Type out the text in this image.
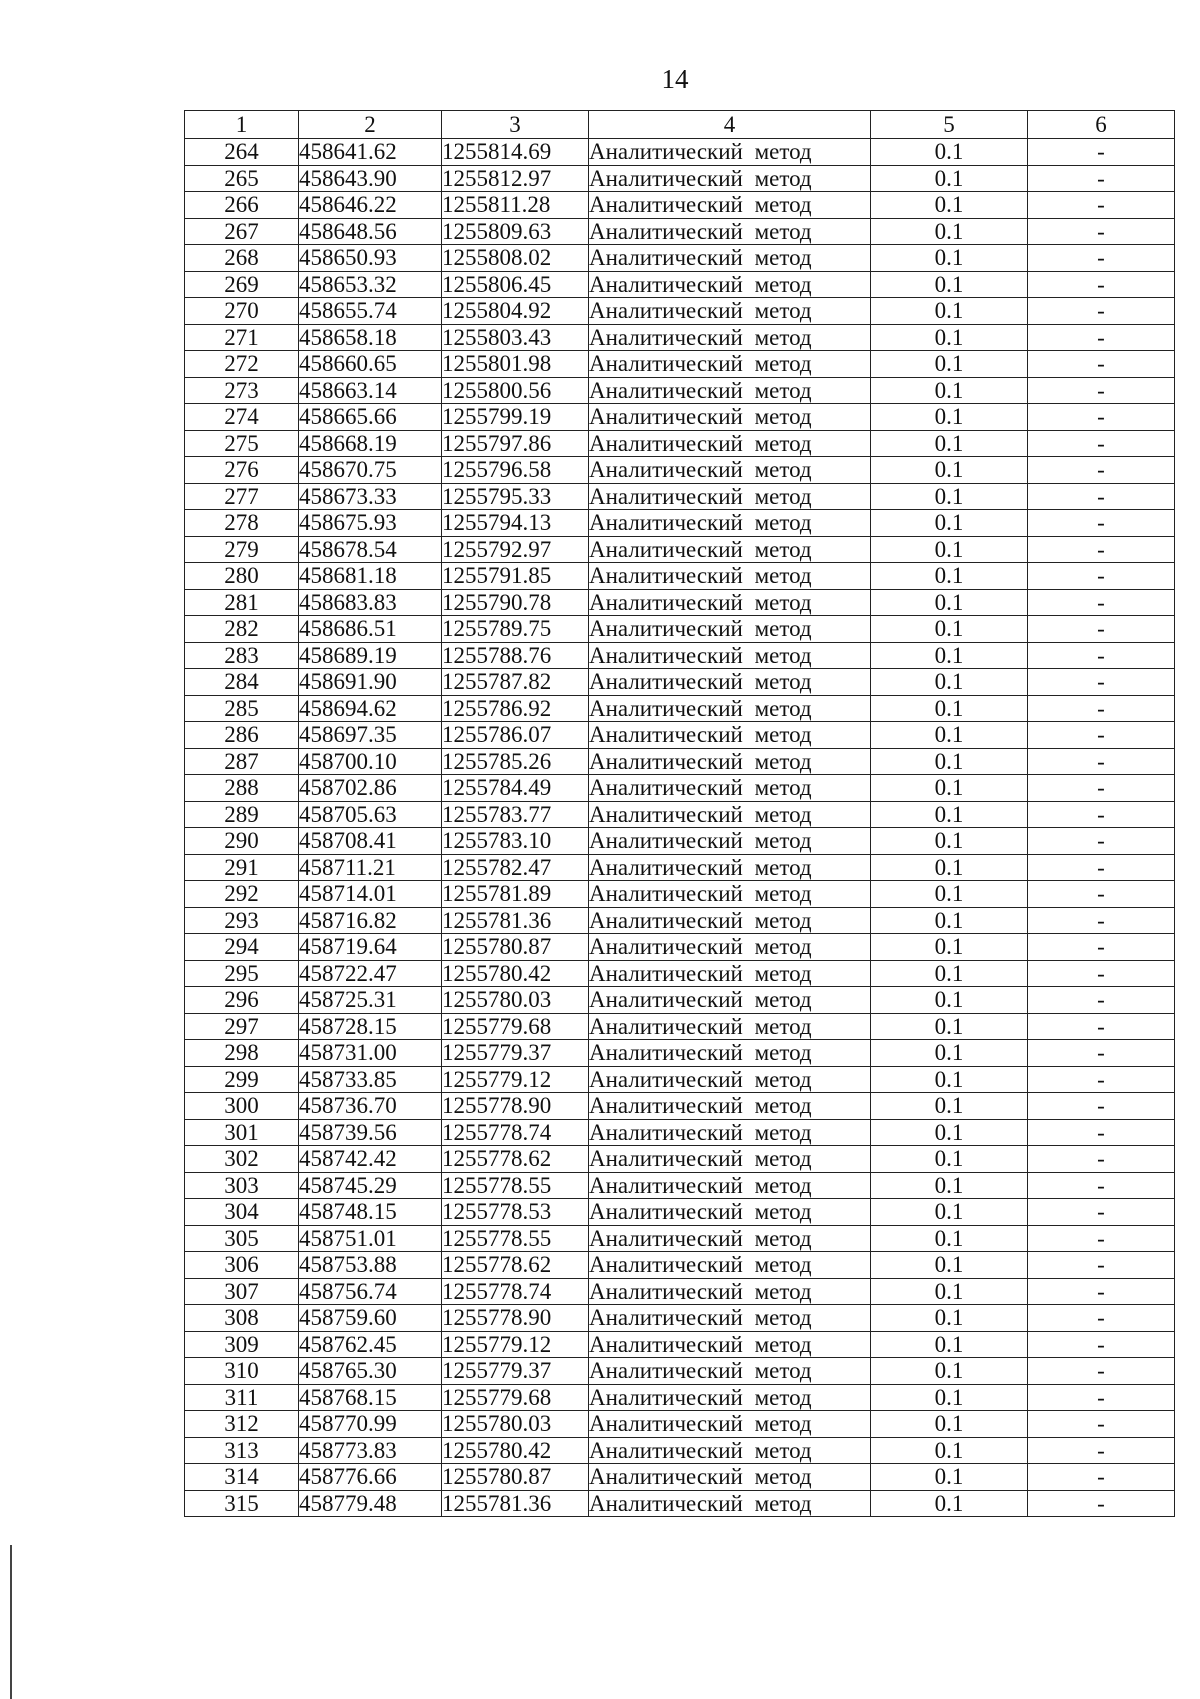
14
1	2	3	4	5	6
264	458641.62	1255814.69	Аналитический метод	0.1	-
265	458643.90	1255812.97	Аналитический метод	0.1	-
266	458646.22	1255811.28	Аналитический метод	0.1	-
267	458648.56	1255809.63	Аналитический метод	0.1	-
268	458650.93	1255808.02	Аналитический метод	0.1	-
269	458653.32	1255806.45	Аналитический метод	0.1	-
270	458655.74	1255804.92	Аналитический метод	0.1	-
271	458658.18	1255803.43	Аналитический метод	0.1	-
272	458660.65	1255801.98	Аналитический метод	0.1	-
273	458663.14	1255800.56	Аналитический метод	0.1	-
274	458665.66	1255799.19	Аналитический метод	0.1	-
275	458668.19	1255797.86	Аналитический метод	0.1	-
276	458670.75	1255796.58	Аналитический метод	0.1	-
277	458673.33	1255795.33	Аналитический метод	0.1	-
278	458675.93	1255794.13	Аналитический метод	0.1	-
279	458678.54	1255792.97	Аналитический метод	0.1	-
280	458681.18	1255791.85	Аналитический метод	0.1	-
281	458683.83	1255790.78	Аналитический метод	0.1	-
282	458686.51	1255789.75	Аналитический метод	0.1	-
283	458689.19	1255788.76	Аналитический метод	0.1	-
284	458691.90	1255787.82	Аналитический метод	0.1	-
285	458694.62	1255786.92	Аналитический метод	0.1	-
286	458697.35	1255786.07	Аналитический метод	0.1	-
287	458700.10	1255785.26	Аналитический метод	0.1	-
288	458702.86	1255784.49	Аналитический метод	0.1	-
289	458705.63	1255783.77	Аналитический метод	0.1	-
290	458708.41	1255783.10	Аналитический метод	0.1	-
291	458711.21	1255782.47	Аналитический метод	0.1	-
292	458714.01	1255781.89	Аналитический метод	0.1	-
293	458716.82	1255781.36	Аналитический метод	0.1	-
294	458719.64	1255780.87	Аналитический метод	0.1	-
295	458722.47	1255780.42	Аналитический метод	0.1	-
296	458725.31	1255780.03	Аналитический метод	0.1	-
297	458728.15	1255779.68	Аналитический метод	0.1	-
298	458731.00	1255779.37	Аналитический метод	0.1	-
299	458733.85	1255779.12	Аналитический метод	0.1	-
300	458736.70	1255778.90	Аналитический метод	0.1	-
301	458739.56	1255778.74	Аналитический метод	0.1	-
302	458742.42	1255778.62	Аналитический метод	0.1	-
303	458745.29	1255778.55	Аналитический метод	0.1	-
304	458748.15	1255778.53	Аналитический метод	0.1	-
305	458751.01	1255778.55	Аналитический метод	0.1	-
306	458753.88	1255778.62	Аналитический метод	0.1	-
307	458756.74	1255778.74	Аналитический метод	0.1	-
308	458759.60	1255778.90	Аналитический метод	0.1	-
309	458762.45	1255779.12	Аналитический метод	0.1	-
310	458765.30	1255779.37	Аналитический метод	0.1	-
311	458768.15	1255779.68	Аналитический метод	0.1	-
312	458770.99	1255780.03	Аналитический метод	0.1	-
313	458773.83	1255780.42	Аналитический метод	0.1	-
314	458776.66	1255780.87	Аналитический метод	0.1	-
315	458779.48	1255781.36	Аналитический метод	0.1	-
